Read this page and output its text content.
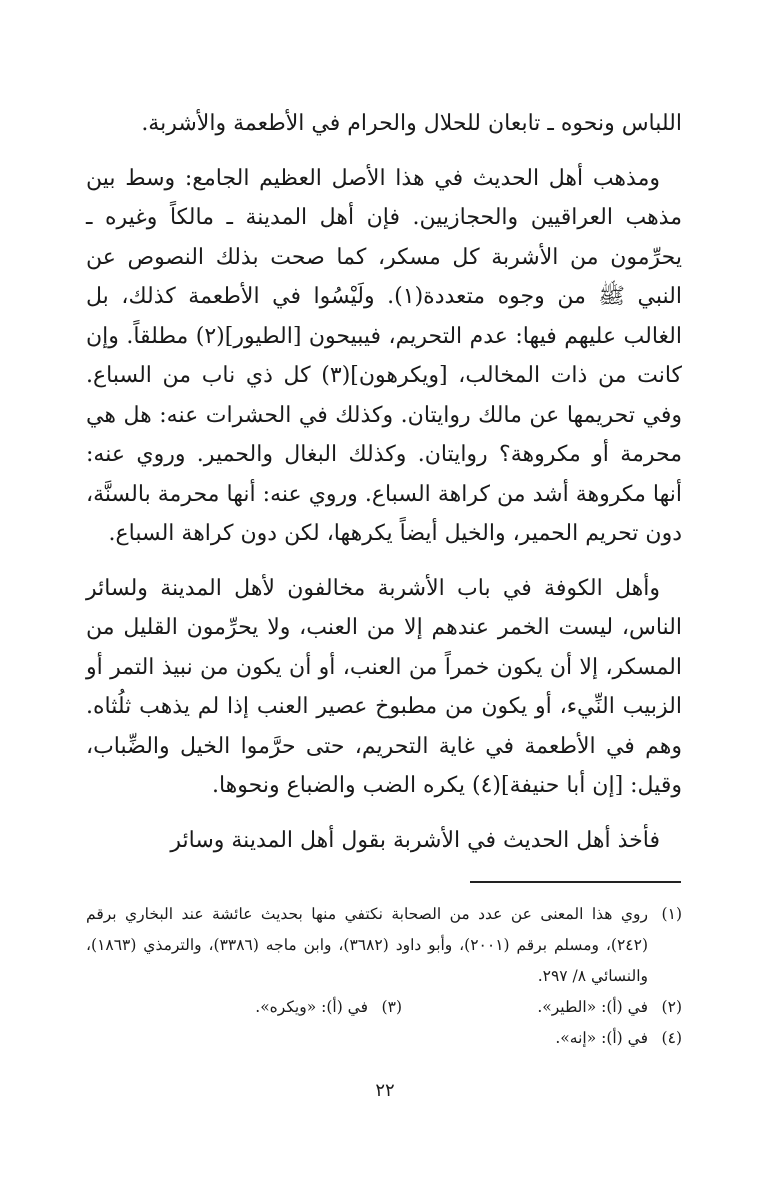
اللباس ونحوه ـ تابعان للحلال والحرام في الأطعمة والأشربة.

ومذهب أهل الحديث في هذا الأصل العظيم الجامع: وسط بين مذهب العراقيين والحجازيين. فإن أهل المدينة ـ مالكاً وغيره ـ يحرِّمون من الأشربة كل مسكر، كما صحت بذلك النصوص عن النبي ﷺ من وجوه متعددة(١). ولَيْسُوا في الأطعمة كذلك، بل الغالب عليهم فيها: عدم التحريم، فيبيحون [الطيور](٢) مطلقاً. وإن كانت من ذات المخالب، [ويكرهون](٣) كل ذي ناب من السباع. وفي تحريمها عن مالك روايتان. وكذلك في الحشرات عنه: هل هي محرمة أو مكروهة؟ روايتان. وكذلك البغال والحمير. وروي عنه: أنها مكروهة أشد من كراهة السباع. وروي عنه: أنها محرمة بالسنَّة، دون تحريم الحمير، والخيل أيضاً يكرهها، لكن دون كراهة السباع.

وأهل الكوفة في باب الأشربة مخالفون لأهل المدينة ولسائر الناس، ليست الخمر عندهم إلا من العنب، ولا يحرِّمون القليل من المسكر، إلا أن يكون خمراً من العنب، أو أن يكون من نبيذ التمر أو الزبيب النِّيء، أو يكون من مطبوخ عصير العنب إذا لم يذهب ثلُثاه. وهم في الأطعمة في غاية التحريم، حتى حرَّموا الخيل والضِّباب، وقيل: [إن أبا حنيفة](٤) يكره الضب والضباع ونحوها.

فأخذ أهل الحديث في الأشربة بقول أهل المدينة وسائر

(١)
روي هذا المعنى عن عدد من الصحابة نكتفي منها بحديث عائشة عند البخاري برقم (٢٤٢)، ومسلم برقم (٢٠٠١)، وأبو داود (٣٦٨٢)، وابن ماجه (٣٣٨٦)، والترمذي (١٨٦٣)، والنسائي ٨/ ٢٩٧.
(٢)
في (أ): «الطير».
(٣)
في (أ): «ويكره».
(٤)
في (أ): «إنه».
٢٢
